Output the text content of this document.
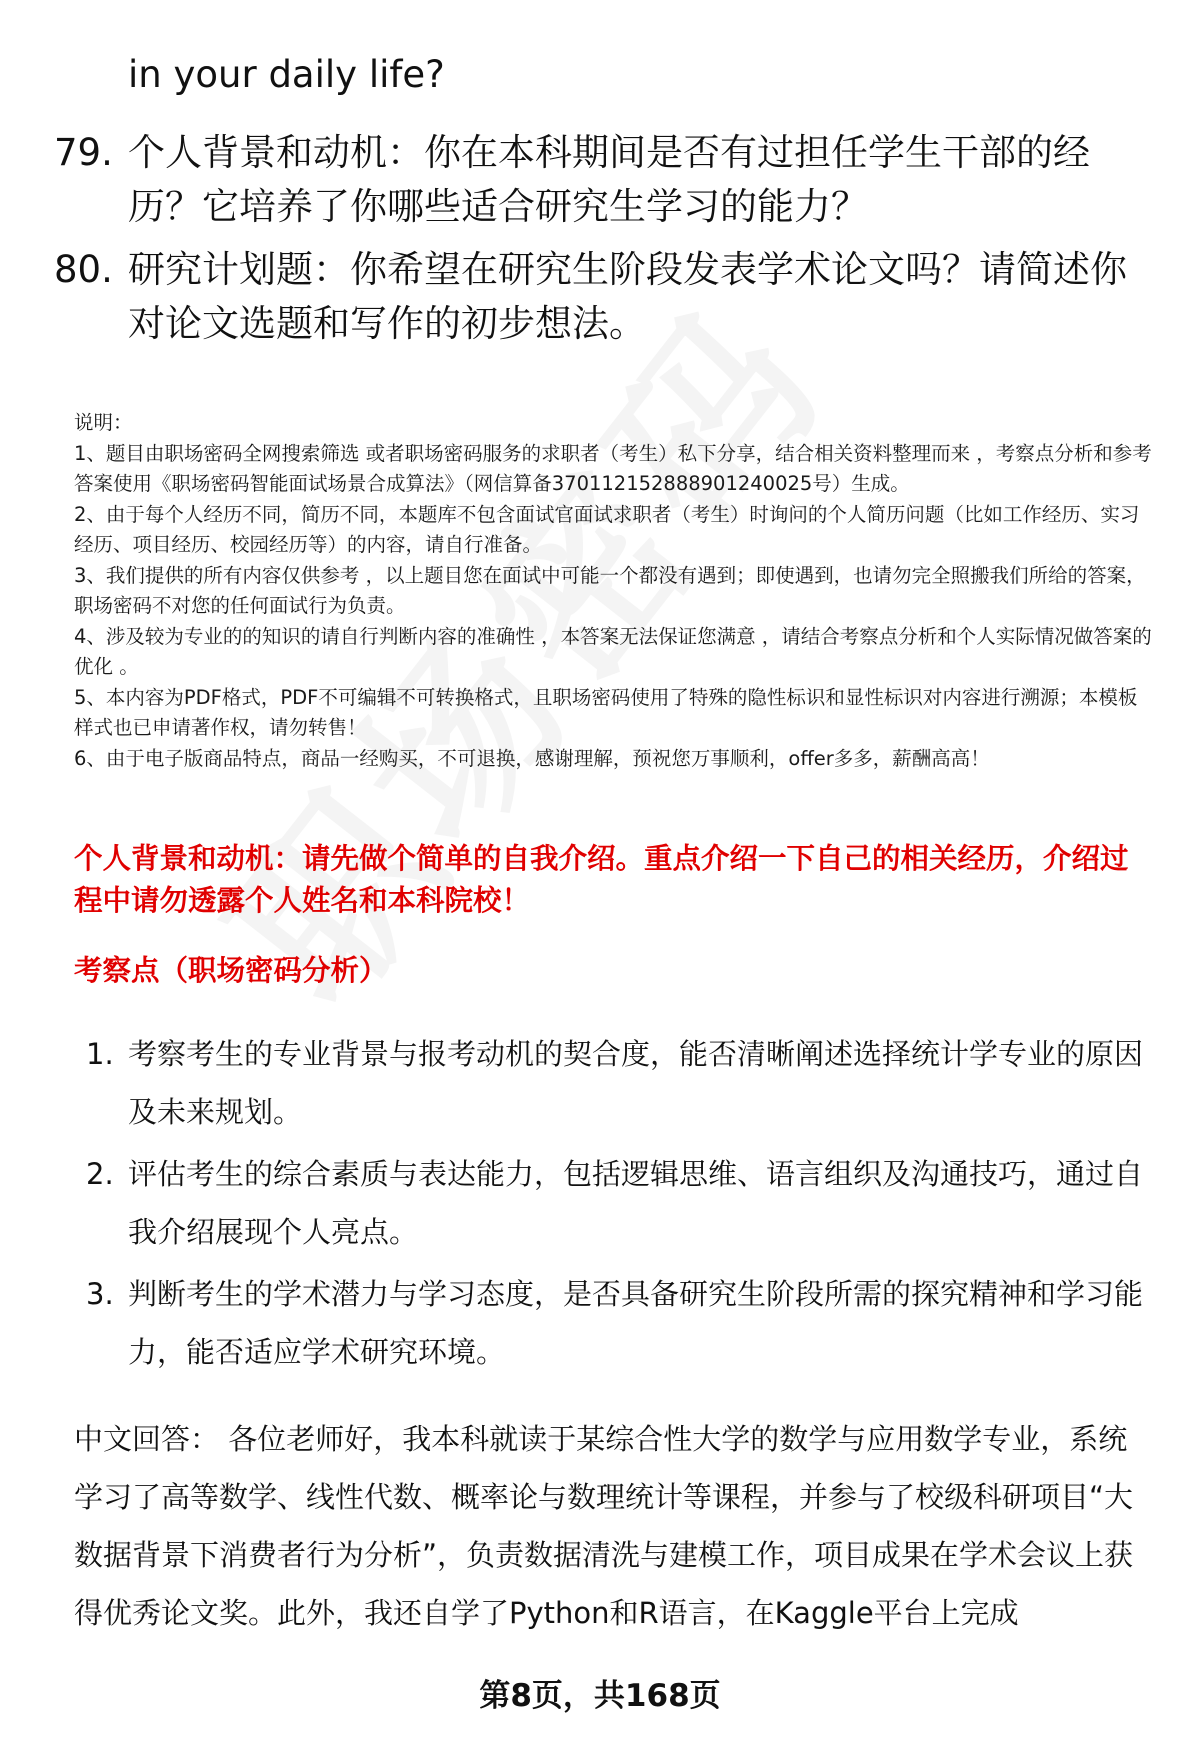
in your daily life?
79. 个人背景和动机：你在本科期间是否有过担任学生干部的经历？它培养了你哪些适合研究生学习的能力？
80. 研究计划题：你希望在研究生阶段发表学术论文吗？请简述你对论文选题和写作的初步想法。

说明：

1、题目由职场密码全网搜索筛选 或者职场密码服务的求职者（考生）私下分享，结合相关资料整理而来 ，考察点分析和参考答案使用《职场密码智能面试场景合成算法》（网信算备370112152888901240025号）生成。

2、由于每个人经历不同，简历不同，本题库不包含面试官面试求职者（考生）时询问的个人简历问题（比如工作经历、实习经历、项目经历、校园经历等）的内容，请自行准备。

3、我们提供的所有内容仅供参考 ，以上题目您在面试中可能一个都没有遇到；即使遇到，也请勿完全照搬我们所给的答案，职场密码不对您的任何面试行为负责。

4、涉及较为专业的的知识的请自行判断内容的准确性 ，本答案无法保证您满意 ，请结合考察点分析和个人实际情况做答案的优化 。

5、本内容为PDF格式，PDF不可编辑不可转换格式，且职场密码使用了特殊的隐性标识和显性标识对内容进行溯源；本模板样式也已申请著作权，请勿转售！

6、由于电子版商品特点，商品一经购买，不可退换，感谢理解，预祝您万事顺利，offer多多，薪酬高高！

个人背景和动机：请先做个简单的自我介绍。重点介绍一下自己的相关经历，介绍过程中请勿透露个人姓名和本科院校！
考察点（职场密码分析）
1. 考察考生的专业背景与报考动机的契合度，能否清晰阐述选择统计学专业的原因及未来规划。
2. 评估考生的综合素质与表达能力，包括逻辑思维、语言组织及沟通技巧，通过自我介绍展现个人亮点。
3. 判断考生的学术潜力与学习态度，是否具备研究生阶段所需的探究精神和学习能力，能否适应学术研究环境。

中文回答： 各位老师好，我本科就读于某综合性大学的数学与应用数学专业，系统学习了高等数学、线性代数、概率论与数理统计等课程，并参与了校级科研项目“大数据背景下消费者行为分析”，负责数据清洗与建模工作，项目成果在学术会议上获得优秀论文奖。此外，我还自学了Python和R语言，在Kaggle平台上完成

第8页，共168页
